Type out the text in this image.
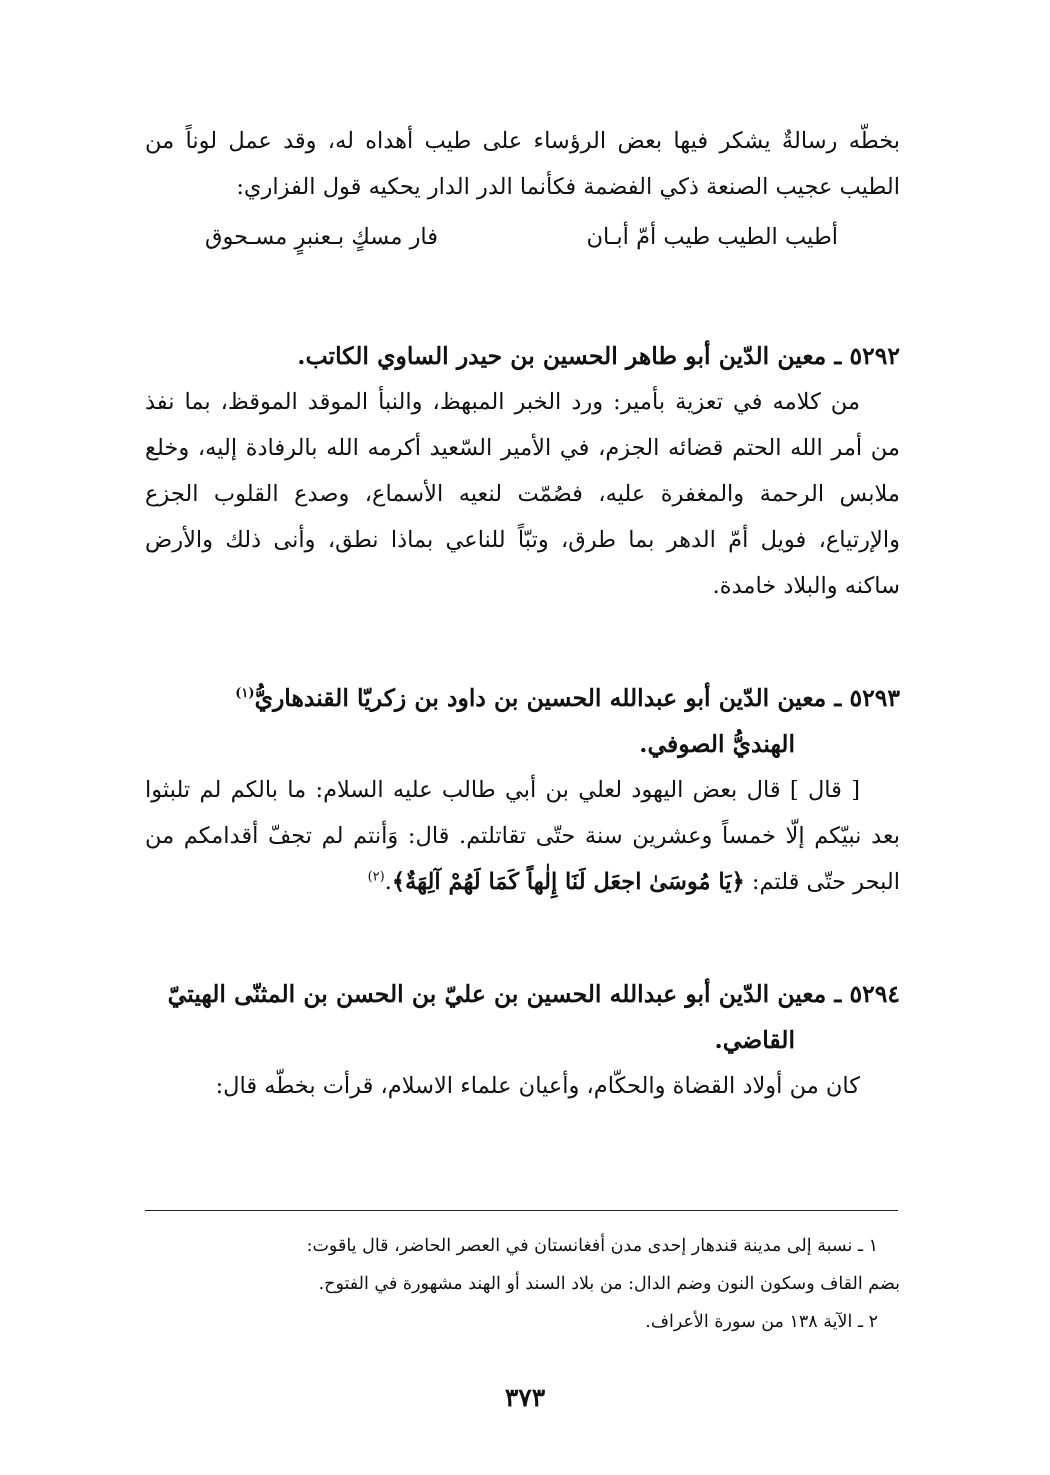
بخطّه رسالةٌ يشكر فيها بعض الرؤساء على طيب أهداه له، وقد عمل لوناً من الطيب عجيب الصنعة ذكي الفضمة فكأنما الدر الدار يحكيه قول الفزاري:

أطيب الطيب طيب أمّ أبـان
فار مسكٍ بـعنبرٍ مسـحوق

٥٢٩٢ ـ معين الدّين أبو طاهر الحسين بن حيدر الساوي الكاتب.

من كلامه في تعزية بأمير: ورد الخبر المبهظ، والنبأ الموقد الموقظ، بما نفذ من أمر الله الحتم قضائه الجزم، في الأمير السّعيد أكرمه الله بالرفادة إليه، وخلع ملابس الرحمة والمغفرة عليه، فصُمّت لنعيه الأسماع، وصدع القلوب الجزع والإرتياع، فويل أمّ الدهر بما طرق، وتبّاً للناعي بماذا نطق، وأنى ذلك والأرض ساكنه والبلاد خامدة.

٥٢٩٣ ـ معين الدّين أبو عبدالله الحسين بن داود بن زكريّا القندهاريُّ$^{(١)}$
الهنديُّ الصوفي.

[ قال ] قال بعض اليهود لعلي بن أبي طالب عليه السلام: ما بالكم لم تلبثوا بعد نبيّكم إلّا خمساً وعشرين سنة حتّى تقاتلتم. قال: وَأنتم لم تجفّ أقدامكم من البحر حتّى قلتم: ﴿يَا مُوسَىٰ اجعَل لَنَا إِلٰهاً كَمَا لَهُمْ آلِهَةٌ﴾.$^{(٢)}$

٥٢٩٤ ـ معين الدّين أبو عبدالله الحسين بن عليّ بن الحسن بن المثنّى الهيتيّ
القاضي.

كان من أولاد القضاة والحكّام، وأعيان علماء الاسلام، قرأت بخطّه قال:

١ ـ نسبة إلى مدينة قندهار إحدى مدن أفغانستان في العصر الحاضر، قال ياقوت:

بضم القاف وسكون النون وضم الدال: من بلاد السند أو الهند مشهورة في الفتوح.

٢ ـ الآية ١٣٨ من سورة الأعراف.

٣٧٣
